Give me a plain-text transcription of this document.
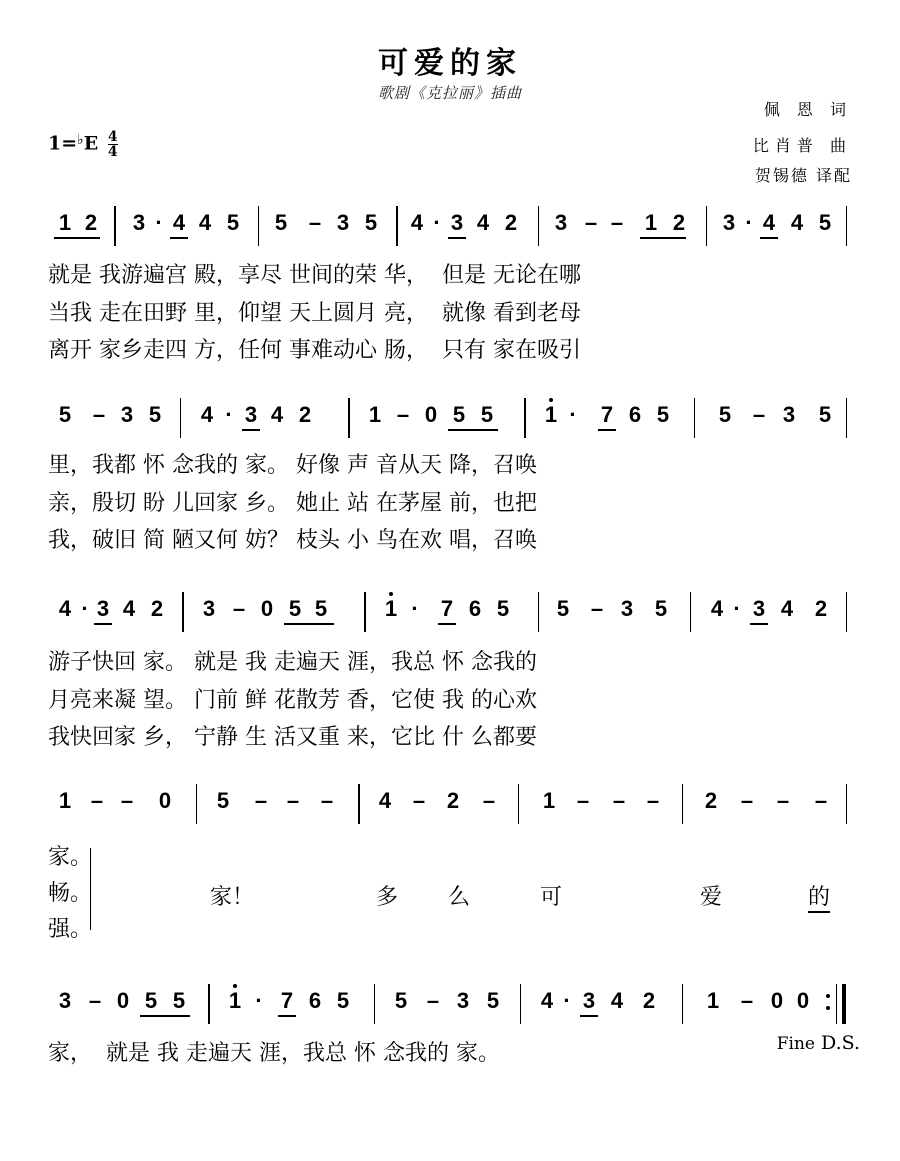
可爱的家
歌剧《克拉丽》插曲
佩 恩 词
比肖普 曲
贺锡德 译配
$1=^♭E \frac{4}{4}$
1 2	3 · 4 4 5	5 – 3 5	4 · 3 4 2	3 – – 1 2	3 · 4 4 5
就是 我游遍宫 殿，享尽 世间的荣 华，  但是 无论在哪
当我 走在田野 里，仰望 天上圆月 亮，  就像 看到老母
离开 家乡走四 方，任何 事难动心 肠，  只有 家在吸引
5 – 3 5	4 · 3 4 2	1 – 0 5 5	1 ·	7 6 5	5 – 3	5
里，我都 怀 念我的 家。 好像 声 音从天 降，召唤
亲，殷切 盼 儿回家 乡。 她止 站 在茅屋 前，也把
我，破旧 简 陋又何 妨？ 枝头 小 鸟在欢 唱，召唤
4 · 3 4 2	3 – 0 5 5	1 ·	7 6 5	5 – 3 5	4 · 3 4 2
游子快回 家。 就是 我 走遍天 涯，我总 怀 念我的
月亮来凝 望。 门前 鲜 花散芳 香，它使 我 的心欢
我快回家 乡， 宁静 生 活又重 来，它比 什 么都要
1 – –	0	5	– – –	4 – 2	–	1 –	– –	2	–	–	–
家。
畅。
强。
家！	多 么	可	爱	的
3 – 0 5 5	1 · 7 6 5	5 – 3 5	4 · 3 4 2	1 – 0 0
家，  就是 我 走遍天 涯，我总 怀 念我的 家。	Fine D.S.
